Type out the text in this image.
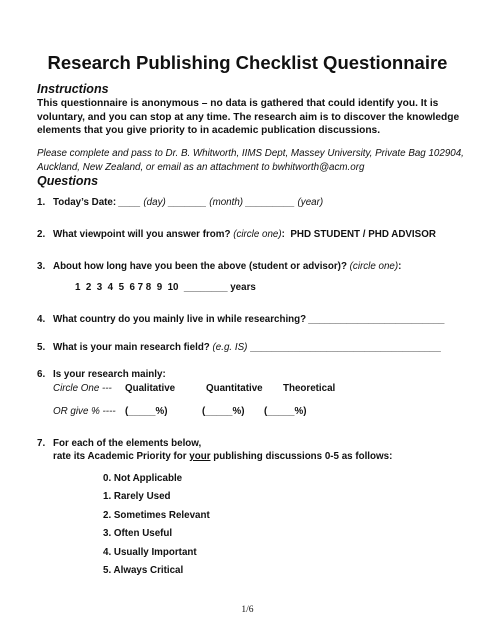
Research Publishing Checklist Questionnaire
Instructions
This questionnaire is anonymous – no data is gathered that could identify you. It is voluntary, and you can stop at any time. The research aim is to discover the knowledge elements that you give priority to in academic publication discussions.
Please complete and pass to Dr. B. Whitworth, IIMS Dept, Massey University, Private Bag 102904, Auckland, New Zealand, or email as an attachment to bwhitworth@acm.org
Questions
1. Today’s Date: ____ (day) _______ (month) _________ (year)
2. What viewpoint will you answer from? (circle one): PHD STUDENT / PHD ADVISOR
3. About how long have you been the above (student or advisor)? (circle one):
1  2  3  4  5  6 7 8  9  10  ________ years
4. What country do you mainly live in while researching? _________________________
5. What is your main research field? (e.g. IS) ___________________________________
6. Is your research mainly:
Circle One --- Qualitative	Quantitative Theoretical
OR give % ---- (_____%)	(_____%) (_____%)
7. For each of the elements below,
rate its Academic Priority for your publishing discussions 0-5 as follows:
0. Not Applicable
1. Rarely Used
2. Sometimes Relevant
3. Often Useful
4. Usually Important
5. Always Critical
1/6
